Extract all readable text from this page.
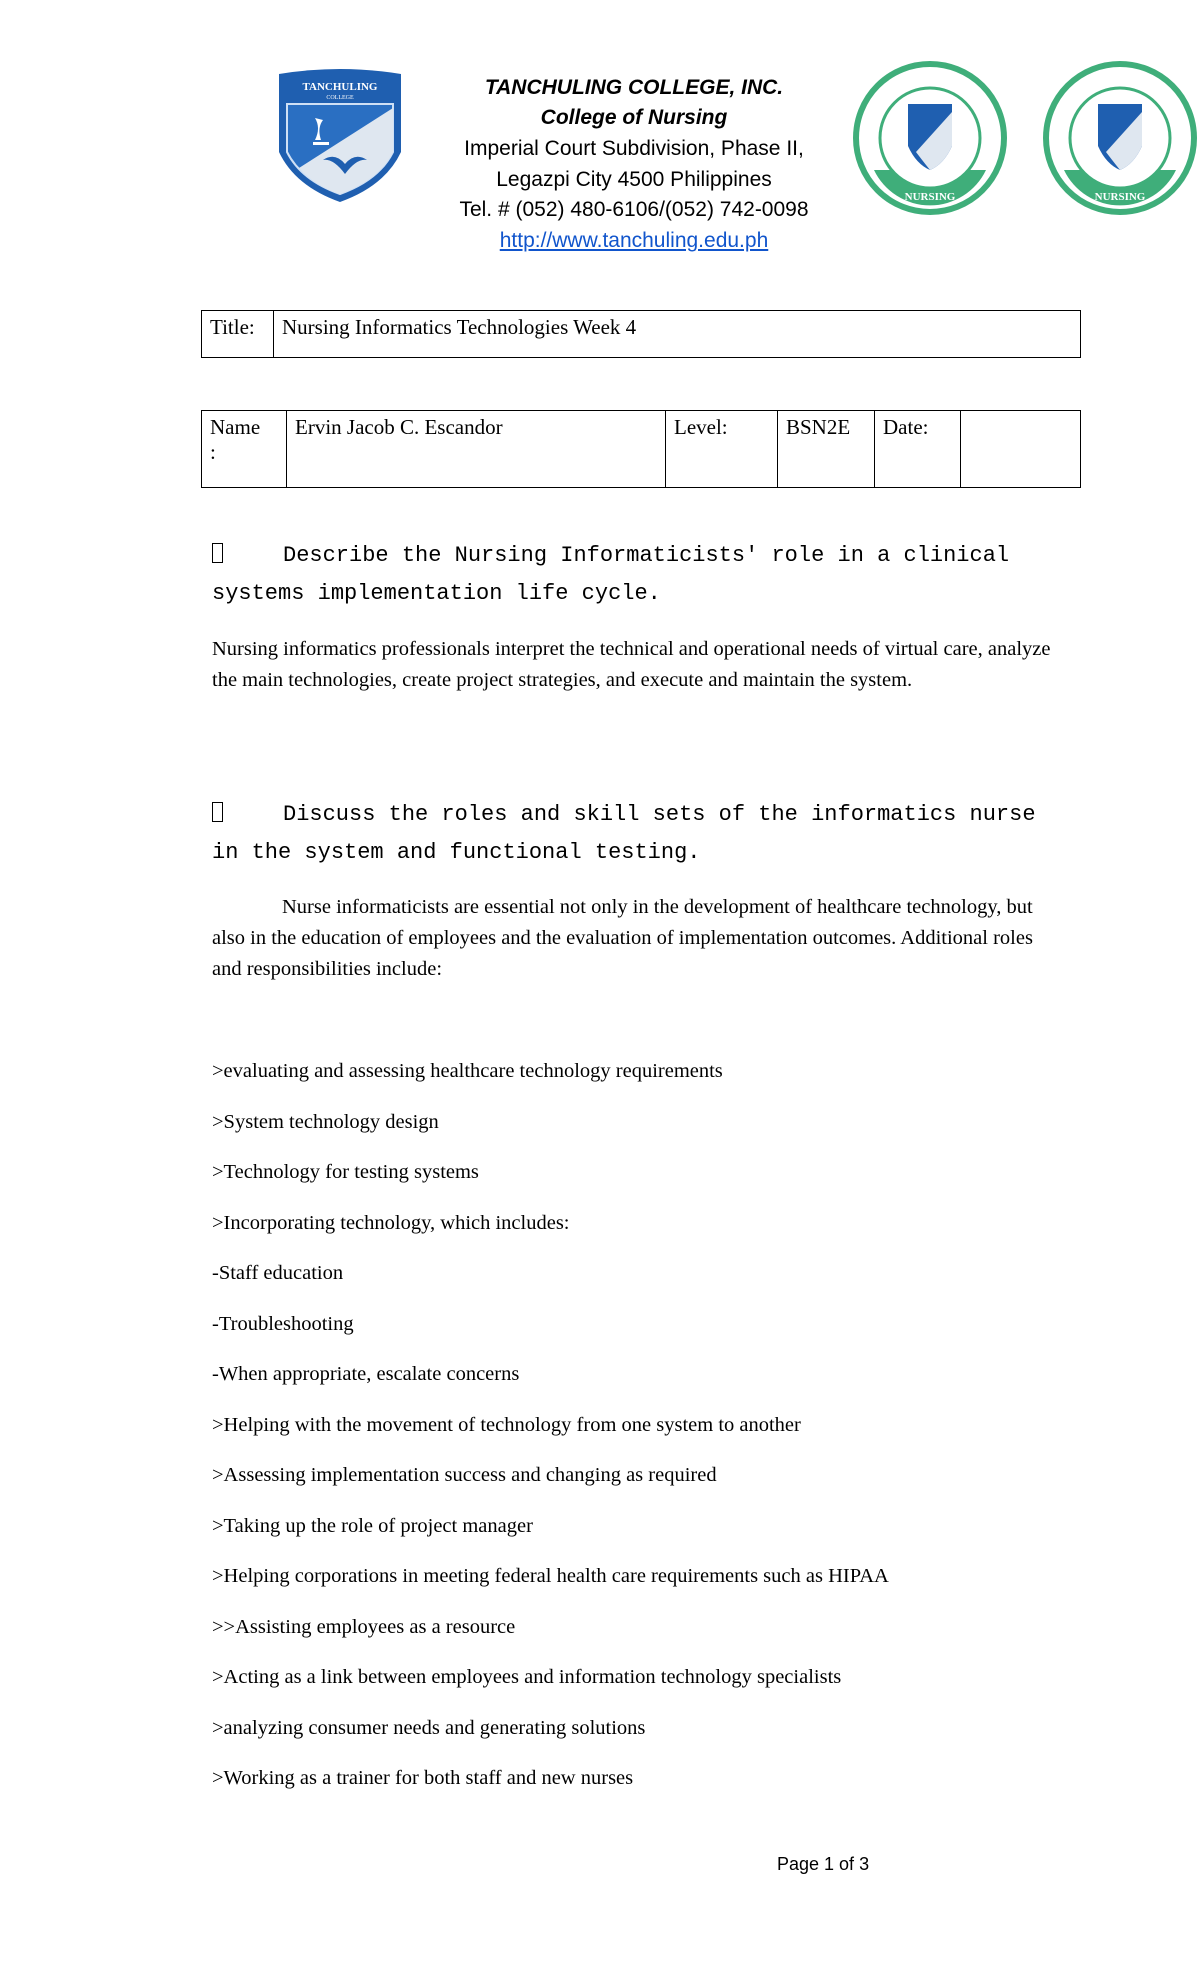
TANCHULING
COLLEGE	TANCHULING COLLEGE, INC.
College of Nursing
Imperial Court Subdivision, Phase II,
Legazpi City 4500 Philippines
Tel. # (052) 480-6106/(052) 742-0098
http://www.tanchuling.edu.ph
NURSING	NURSING
Title:	Nursing Informatics Technologies Week 4
Name
:	Ervin Jacob C. Escandor	Level:	BSN2E	Date:	
Describe the Nursing Informaticists' role in a clinical
systems implementation life cycle.
Nursing informatics professionals interpret the technical and operational needs of virtual care, analyze the main technologies, create project strategies, and execute and maintain the system.
Discuss the roles and skill sets of the informatics nurse
in the system and functional testing.
Nurse informaticists are essential not only in the development of healthcare technology, but also in the education of employees and the evaluation of implementation outcomes. Additional roles and responsibilities include:
>evaluating and assessing healthcare technology requirements
>System technology design
>Technology for testing systems
>Incorporating technology, which includes:
-Staff education
-Troubleshooting
-When appropriate, escalate concerns
>Helping with the movement of technology from one system to another
>Assessing implementation success and changing as required
>Taking up the role of project manager
>Helping corporations in meeting federal health care requirements such as HIPAA
>>Assisting employees as a resource
>Acting as a link between employees and information technology specialists
>analyzing consumer needs and generating solutions
>Working as a trainer for both staff and new nurses
Page 1 of 3
